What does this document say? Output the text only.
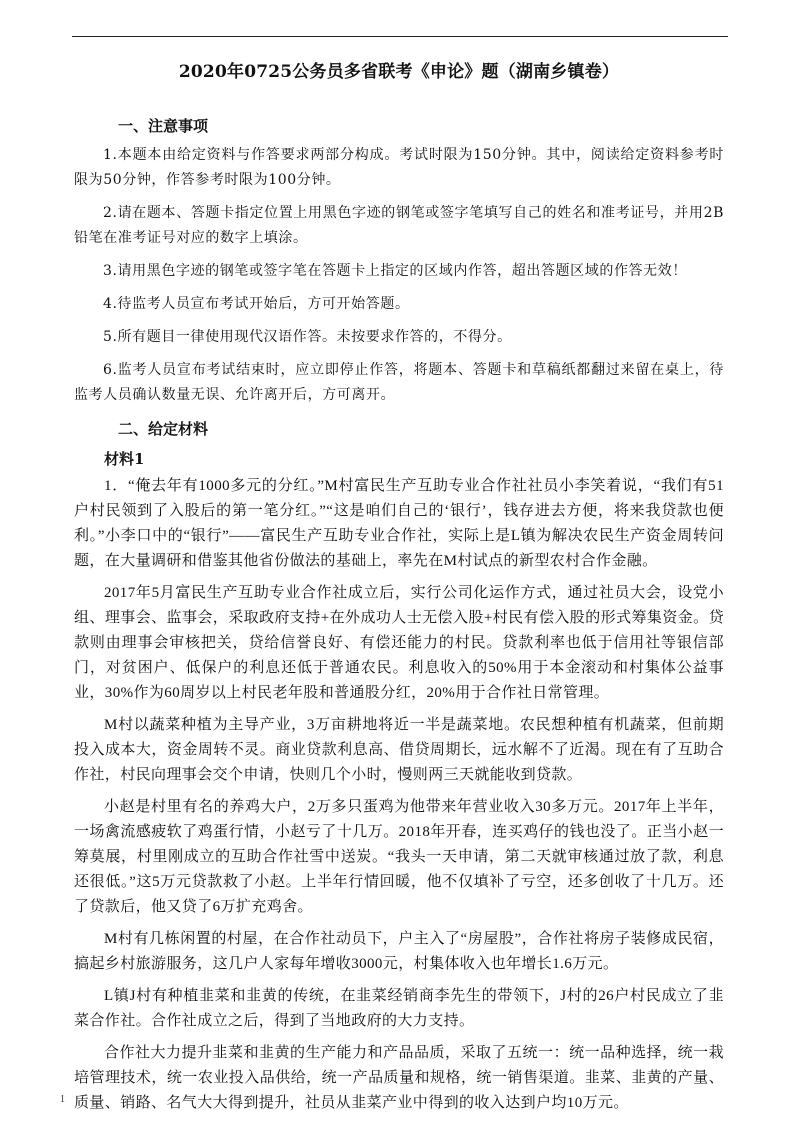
2020年0725公务员多省联考《申论》题（湖南乡镇卷）
一、注意事项
1.本题本由给定资料与作答要求两部分构成。考试时限为150分钟。其中，阅读给定资料参考时限为50分钟，作答参考时限为100分钟。
2.请在题本、答题卡指定位置上用黑色字迹的钢笔或签字笔填写自己的姓名和准考证号，并用2B铅笔在准考证号对应的数字上填涂。
3.请用黑色字迹的钢笔或签字笔在答题卡上指定的区域内作答，超出答题区域的作答无效！
4.待监考人员宣布考试开始后，方可开始答题。
5.所有题目一律使用现代汉语作答。未按要求作答的，不得分。
6.监考人员宣布考试结束时，应立即停止作答，将题本、答题卡和草稿纸都翻过来留在桌上，待监考人员确认数量无误、允许离开后，方可离开。
二、给定材料
材料1

1．“俺去年有1000多元的分红。”M村富民生产互助专业合作社社员小李笑着说，“我们有51户村民领到了入股后的第一笔分红。”“这是咱们自己的‘银行’，钱存进去方便，将来我贷款也便利。”小李口中的“银行”——富民生产互助专业合作社，实际上是L镇为解决农民生产资金周转问题，在大量调研和借鉴其他省份做法的基础上，率先在M村试点的新型农村合作金融。

2017年5月富民生产互助专业合作社成立后，实行公司化运作方式，通过社员大会，设党小组、理事会、监事会，采取政府支持+在外成功人士无偿入股+村民有偿入股的形式筹集资金。贷款则由理事会审核把关，贷给信誉良好、有偿还能力的村民。贷款利率也低于信用社等银信部门，对贫困户、低保户的利息还低于普通农民。利息收入的50%用于本金滚动和村集体公益事业，30%作为60周岁以上村民老年股和普通股分红，20%用于合作社日常管理。

M村以蔬菜种植为主导产业，3万亩耕地将近一半是蔬菜地。农民想种植有机蔬菜，但前期投入成本大，资金周转不灵。商业贷款利息高、借贷周期长，远水解不了近渴。现在有了互助合作社，村民向理事会交个申请，快则几个小时，慢则两三天就能收到贷款。

小赵是村里有名的养鸡大户，2万多只蛋鸡为他带来年营业收入30多万元。2017年上半年，一场禽流感疲软了鸡蛋行情，小赵亏了十几万。2018年开春，连买鸡仔的钱也没了。正当小赵一筹莫展，村里刚成立的互助合作社雪中送炭。“我头一天申请，第二天就审核通过放了款，利息还很低。”这5万元贷款救了小赵。上半年行情回暖，他不仅填补了亏空，还多创收了十几万。还了贷款后，他又贷了6万扩充鸡舍。

M村有几栋闲置的村屋，在合作社动员下，户主入了“房屋股”，合作社将房子装修成民宿，搞起乡村旅游服务，这几户人家每年增收3000元，村集体收入也年增长1.6万元。

L镇J村有种植韭菜和韭黄的传统，在韭菜经销商李先生的带领下，J村的26户村民成立了韭菜合作社。合作社成立之后，得到了当地政府的大力支持。

合作社大力提升韭菜和韭黄的生产能力和产品品质，采取了五统一：统一品种选择，统一栽培管理技术，统一农业投入品供给，统一产品质量和规格，统一销售渠道。韭菜、韭黄的产量、质量、销路、名气大大得到提升，社员从韭菜产业中得到的收入达到户均10万元。

1
